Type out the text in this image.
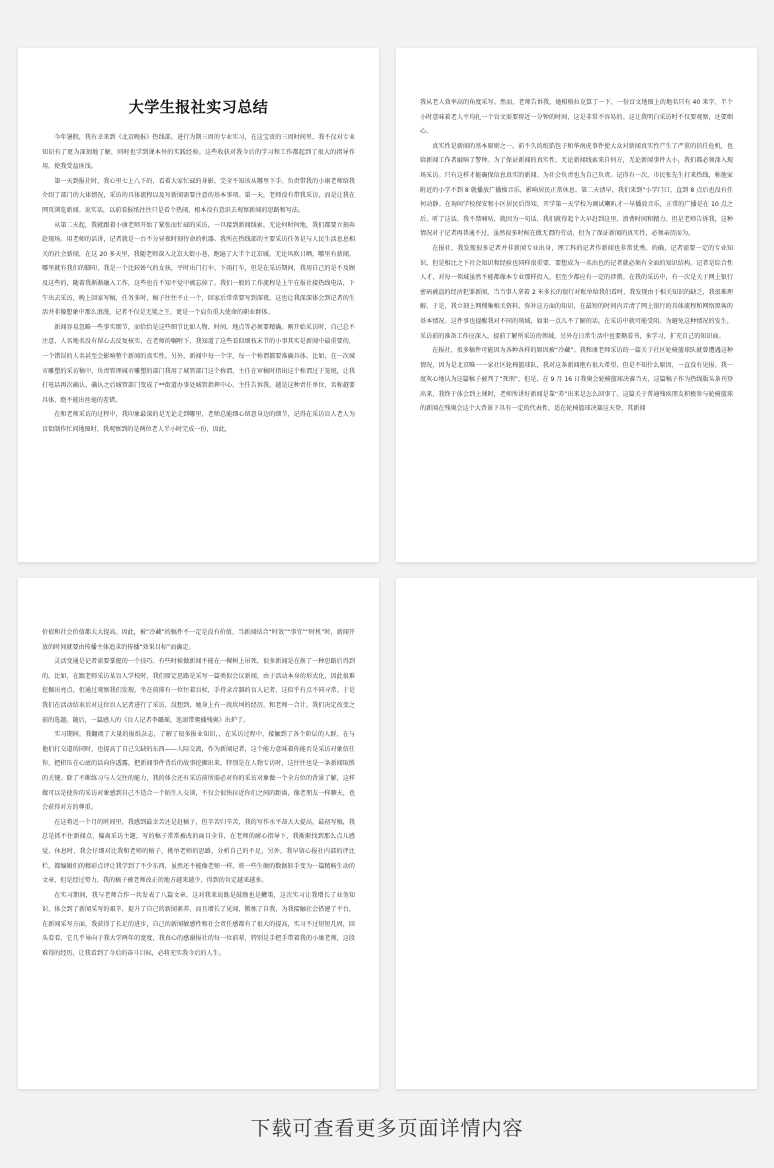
大学生报社实习总结

今年暑假，我有幸来到《北京晚报》热线部，进行为期三周的专业实习，在这宝贵的三周时间里，我不仅对专业知识有了更为深刻地了解，同时也学到课本外的实践经验。这些收获对我今后的学习和工作都起到了很大的指导作用，使我受益匪浅。

第一天到报社时，我心里七上八下的，看着大家忙碌的身影，完全不知该从哪里下手。负责带我的小康老师给我介绍了部门的大体情况，采访的具体流程以及写新闻需要注意的基本事项。第一天，老师没有带我采访，而是让我在网页浏览新闻。说实话，以前看报纸往往只是看个热闹，根本没有意识去观察新闻的思路和写法。

从第二天起，我就跟着小康老师开始了紧张而忙碌的采访，一旦接到新闻线索，无论何时何地，我们都要立刻奔赴现场。用老师的话讲，记者就是一台不分昼夜时刻待命的机器。我所在热线部的主要采访任务是与人民生活息息相关的社会新闻，在这 20 多天里，我随老师深入北京大街小巷，跑遍了大半个北京城。无论风吹日晒，哪里有新闻，哪里就有我们的脚印，我是一个比较娇气的女孩，平时出门打伞、下雨打车，但是在采访期间，我用自己的是不及顾及这些的，随着我渐渐融入工作，这些也在不知不觉中被忘掉了。我们一般的工作流程是上午在报社接热线电话，下午出去采访，晚上回家写稿，任务多时，稿子往往不止一个，回家后常常要写到深夜。这也让我深深体会到记者的生活并非像想象中那么浪漫，记者不仅是无冕之王，更是一个肩负重大使命的职业群体。

新闻容易忽略一些事实细节，而恰恰是这些细节比如人物、时间、地点等必须要精确。刚开始采访时，自己总不注意，人名地名没有留心去反复核实，在老师的嘱咐下，我知道了这些看似细枝末节的小事其实是新闻中最重要的，一个错误的人名甚至会影响整个新闻的真实性。另外，新闻中每一个字、每一个称谓都要准确具体。比如，在一次城市雕塑的采访稿中，负责管理城市雕塑的部门我用了城管部门这个称谓，主任在审稿时指出这个称谓过于笼统，让我打电话再次确认，确认之后城管部门变成了**街道办事处城管指挥中心，主任告诉我，越是这种责任单位，名称越要具体，绝不能出丝毫的差错。

在和老师采访的过程中，我印象最深的是无论走到哪里，老师总能细心留意身边的细节，记得在采访盲人老人为盲街制作忙问地图时，我观察到的是两位老人半小时完成一份，因此，

我从老人效率高的角度采写。然而，老师告诉我，她相格拉克算了一下，一份盲文地图上的地名只有 40 来字，半个小时意味着老人平均扎一个盲文需要将近一分钟的时间，这是非常不容易的。这让我明白采访时不仅要观察，还要细心。

真实性是新闻的基本原则之一。前不久的纸馅包子和华南虎事件使大众对新闻真实性产生了严重的信任危机，也给新闻工作者敲响了警钟。为了保证新闻的真实性，无论新闻线索来自何方，无论新闻事件大小，我们都必须深入现场采访。只有这样才能确保信息真实的新闻。为社会负责也为自己负责。记得有一次，市民张先生打来热线，称他家附近的小学不到 8 就播放广播操音乐，影响居民正常休息。第二天清早，我们来到“小学门口，直到 8 点后也没有任何动静。在询问学校保安和小区居民后得知，开学第一天学校为调试喇叭才一早播放音乐，正常的广播是在 10 点之后。听了这话，我不禁喃咕，就因为一句话，我们就得起个大早赶到这里，浪费时间和精力。但是老师告诉我，这种情况对于记者再普通不过，虽然很多时候在做无谓的劳动，但为了保证新闻的真实性，必须亲历而为。

在报社，我发现很多记者并非新闻专业出身，理工科的记者作新闻也非常优秀。的确，记者需要一定的专业知识，但是相比之下社会知识和经验也同样很重要，要想成为一名出色的记者就必须有全面的知识结构。记者是综合性人才，对每一领域虽然不能都像本专业那样投入，但至少都应有一定的涉猎。在我的采访中，有一次是关于网上银行密码被盗的经济犯罪新闻，当当事人拿着 2 米多长的银行对账单给我们看时，我发现由于相关知识的缺乏，我很难理解。于是，我立刻上网搜集相关资料，弥补这方面的知识，在最短的时间内弄清了网上银行的具体流程和网络黑客的基本情况。这件事也提醒我对不同的领域，如果一点儿不了解的话，在采访中就可能受阻。为避免这种情况的发生，采访前的准备工作应深入，提前了解所采访的领域，另外在日常生活中也要勤看书，多学习，扩充自己的知识面。

在报社，很多稿件可能因为各种各样的原因被“冷藏”。我和康老师采访的一篇关于社区轮椅篮球队就曾遭遇这种情况，因为是北京唯一一家社区轮椅篮球队，我对这条新闻抱有很大希望，但是不知什么原因，一直没有见报。我一度灰心地认为这篇稿子被判了“死刑”，但是，在 9 月 16 日我奥会轮椅篮球决赛当天，这篇稿子作为热线版头条刊登出来，我终于体会到上课时，老师所讲好新闻是靠“养”出来是怎么回事了。这篇关于普通残疾朋友积极参与轮椅篮球的新闻在残奥会这个大背景下具有一定的代表性，适在轮椅篮球决赛这天登，其新闻

价值和社会价值都大大提高。因此，被“冷藏”的稿件不一定是没有价值，当新闻结合“时效”“事宜”“时机”时，新闻开放的时间就要由传播主体追求的传播“效果目标”而确定。

灵活变通是记者需要掌握的一个技巧。有些时候做新闻不能在一棵树上吊死，很多新闻是在换了一种思路后得到的。比如，在跟老师采访某盲人学校时，我们原定思路是采写一篇类似会议新闻，由于活动本身的形式化，因此很难挖掘出亮点。但通过观察我们发现，坐在前排有一位往着盲杖，手持录音器的盲人记者，这似乎有点不同寻常。于是我们在活动结束后对这位盲人记者进行了采访，没想到，她身上有一段坎坷的经历，和老师一合计，我们决定改变之前的选题。随后，一篇感人的《盲人记者李璐瑶，连滚带爬播残奥》出炉了。

实习期间，我翻阅了大量的报纸杂志，了解了很多报业知识，，在采访过程中，接触到了各个阶层的人群，在与他们打交道的同时，也提高了自己欠缺的东西——人际交流，作为新闻记者，这个能力意味着你能否是采访对象信任你，把积压在心底的话向你透露，把新闻事件背后的故事挖掘出来。特别是在人物专访时，这往往也是一条新闻取胜的关键。除了不断练习与人交往的能力，我的体会还有采访前所需必对你的采访对象做一个全方位的背景了解，这样做可以是使你的采访对象感到自己不适合一个陌生人交谈，不仅会很快拉近你们之间的距离，像老朋友一样聊天，也会获得对方的尊重。

在这将近一个月的时间里，我感到最幸苦还是赶稿子，但辛苦归辛苦，我的写作水平却大大提高。最初写稿，我总是抓不住新闻点，偏离采访主题，写的稿子常常被改的面目全非，在老师的耐心指导下，我渐渐找到那么点儿感觉，休息时，我会仔细对比我和老师的稿子，挑单老师的思路，分析自己的不足，另外，我早留心报社内部的评比栏，都编辑们的精彩点评让我学到了不少东西，虽然还不能像老师一样，将一些生硬的数据转手变为一篇精畅生动的文章，但是经过努力，我的稿子被老师改正的地方越来越少，得到的肯定越来越多。

在实习期间，我与老师合作一共发表了八篇文章，这对我来说既是鼓励也是鞭策，这次实习让我增长了业务知识，体会到了新闻采写的艰辛，提升了自己的新闻素养，而且增长了见闻，锻炼了自我，为我接触社会搭建了平台，在新闻采写方面，我获得了长足的进步，自己的新闻敏感性和社会责任感都有了很大的提高，实习不过短短几周，回头看看，它几乎导向于我大学两年的宽度，我真心的感谢报社的每一位前辈，特别是手把手带着我的小康老师，这段难得的经历，让我看到了今后的奋斗目标，必将充实我今后的人生。

下载可查看更多页面详情内容
